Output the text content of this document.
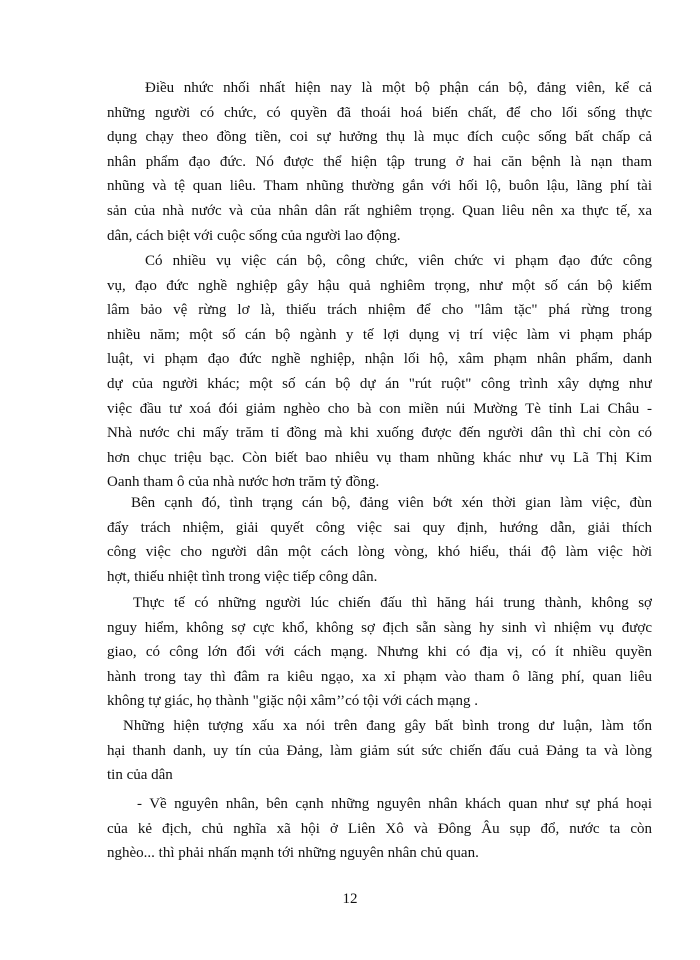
Điều nhức nhối nhất hiện nay là một bộ phận cán bộ, đảng viên, kể cả
những người có chức, có quyền đã thoái hoá biến chất, để cho lối sống thực
dụng chạy theo đồng tiền, coi sự hưởng thụ là mục đích cuộc sống bất chấp cả
nhân phẩm đạo đức. Nó được thể hiện tập trung ở hai căn bệnh là nạn tham
nhũng và tệ quan liêu. Tham nhũng thường gắn với hối lộ, buôn lậu, lãng phí tài
sản của nhà nước và của nhân dân rất nghiêm trọng. Quan liêu nên xa thực tế, xa
dân, cách biệt với cuộc sống của người lao động.
Có nhiều vụ việc cán bộ, công chức, viên chức vi phạm đạo đức công
vụ, đạo đức nghề nghiệp gây hậu quả nghiêm trọng, như một số cán bộ kiểm
lâm bảo vệ rừng lơ là, thiếu trách nhiệm để cho "lâm tặc" phá rừng trong
nhiều năm; một số cán bộ ngành y tế lợi dụng vị trí việc làm vi phạm pháp
luật, vi phạm đạo đức nghề nghiệp, nhận lối hộ, xâm phạm nhân phẩm, danh
dự của người khác; một số cán bộ dự án "rút ruột" công trình xây dựng như
việc đầu tư xoá đói giảm nghèo cho bà con miền núi Mường Tè tỉnh Lai Châu -
Nhà nước chi mấy trăm tỉ đồng mà khi xuống được đến người dân thì chỉ còn có
hơn chục triệu bạc. Còn biết bao nhiêu vụ tham nhũng khác như vụ Lã Thị Kim
Oanh tham ô của nhà nước hơn trăm tỷ đồng.
Bên cạnh đó, tình trạng cán bộ, đảng viên bớt xén thời gian làm việc, đùn
đẩy trách nhiệm, giải quyết công việc sai quy định, hướng dẫn, giải thích
công việc cho người dân một cách lòng vòng, khó hiểu, thái độ làm việc hời
hợt, thiếu nhiệt tình trong việc tiếp công dân.
Thực tế có những người lúc chiến đấu thì hăng hái trung thành, không sợ
nguy hiểm, không sợ cực khổ, không sợ địch sẵn sàng hy sinh vì nhiệm vụ được
giao, có công lớn đối với cách mạng. Nhưng khi có địa vị, có ít nhiều quyền
hành trong tay thì đâm ra kiêu ngạo, xa xỉ phạm vào tham ô lãng phí, quan liêu
không tự giác, họ thành "giặc nội xâm’’có tội với cách mạng .
Những hiện tượng xấu xa nói trên đang gây bất bình trong dư luận, làm tổn
hại thanh danh, uy tín của Đảng, làm giảm sút sức chiến đấu cuả Đảng ta và lòng
tin của dân
- Về nguyên nhân, bên cạnh những nguyên nhân khách quan như sự phá hoại
của kẻ địch, chủ nghĩa xã hội ở Liên Xô và Đông Âu sụp đổ, nước ta còn
nghèo... thì phải nhấn mạnh tới những nguyên nhân chủ quan.
12
